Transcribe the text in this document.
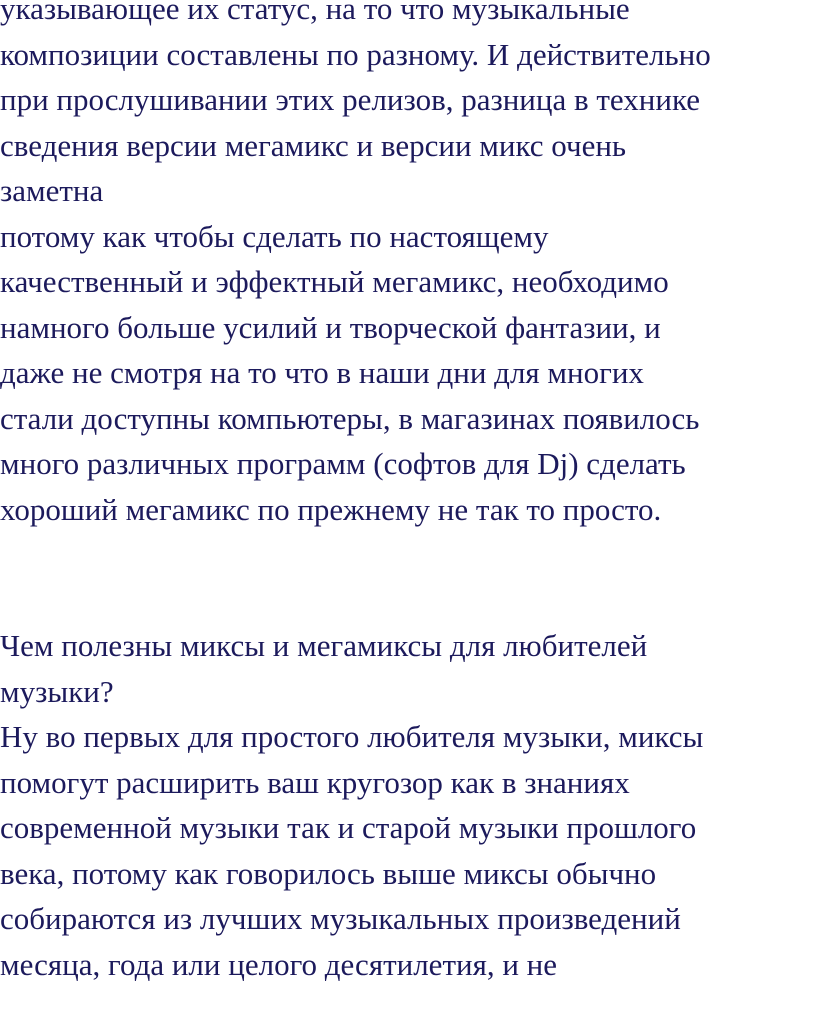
указывающее их статус, на то что музыкальные
композиции составлены по разному. И действительно
при прослушивании этих релизов, разница в технике
сведения версии мегамикс и версии микс очень
заметна
потому как чтобы сделать по настоящему
качественный и эффектный мегамикс, необходимо
намного больше усилий и творческой фантазии, и
даже не смотря на то что в наши дни для многих
стали доступны компьютеры, в магазинах появилось
много различных программ (софтов для Dj) сделать
хороший мегамикс по прежнему не так то просто.
Чем полезны миксы и мегамиксы для любителей
музыки?
Ну во первых для простого любителя музыки, миксы
помогут расширить ваш кругозор как в знаниях
современной музыки так и старой музыки прошлого
века, потому как говорилось выше миксы обычно
собираются из лучших музыкальных произведений
месяца, года или целого десятилетия, и не
